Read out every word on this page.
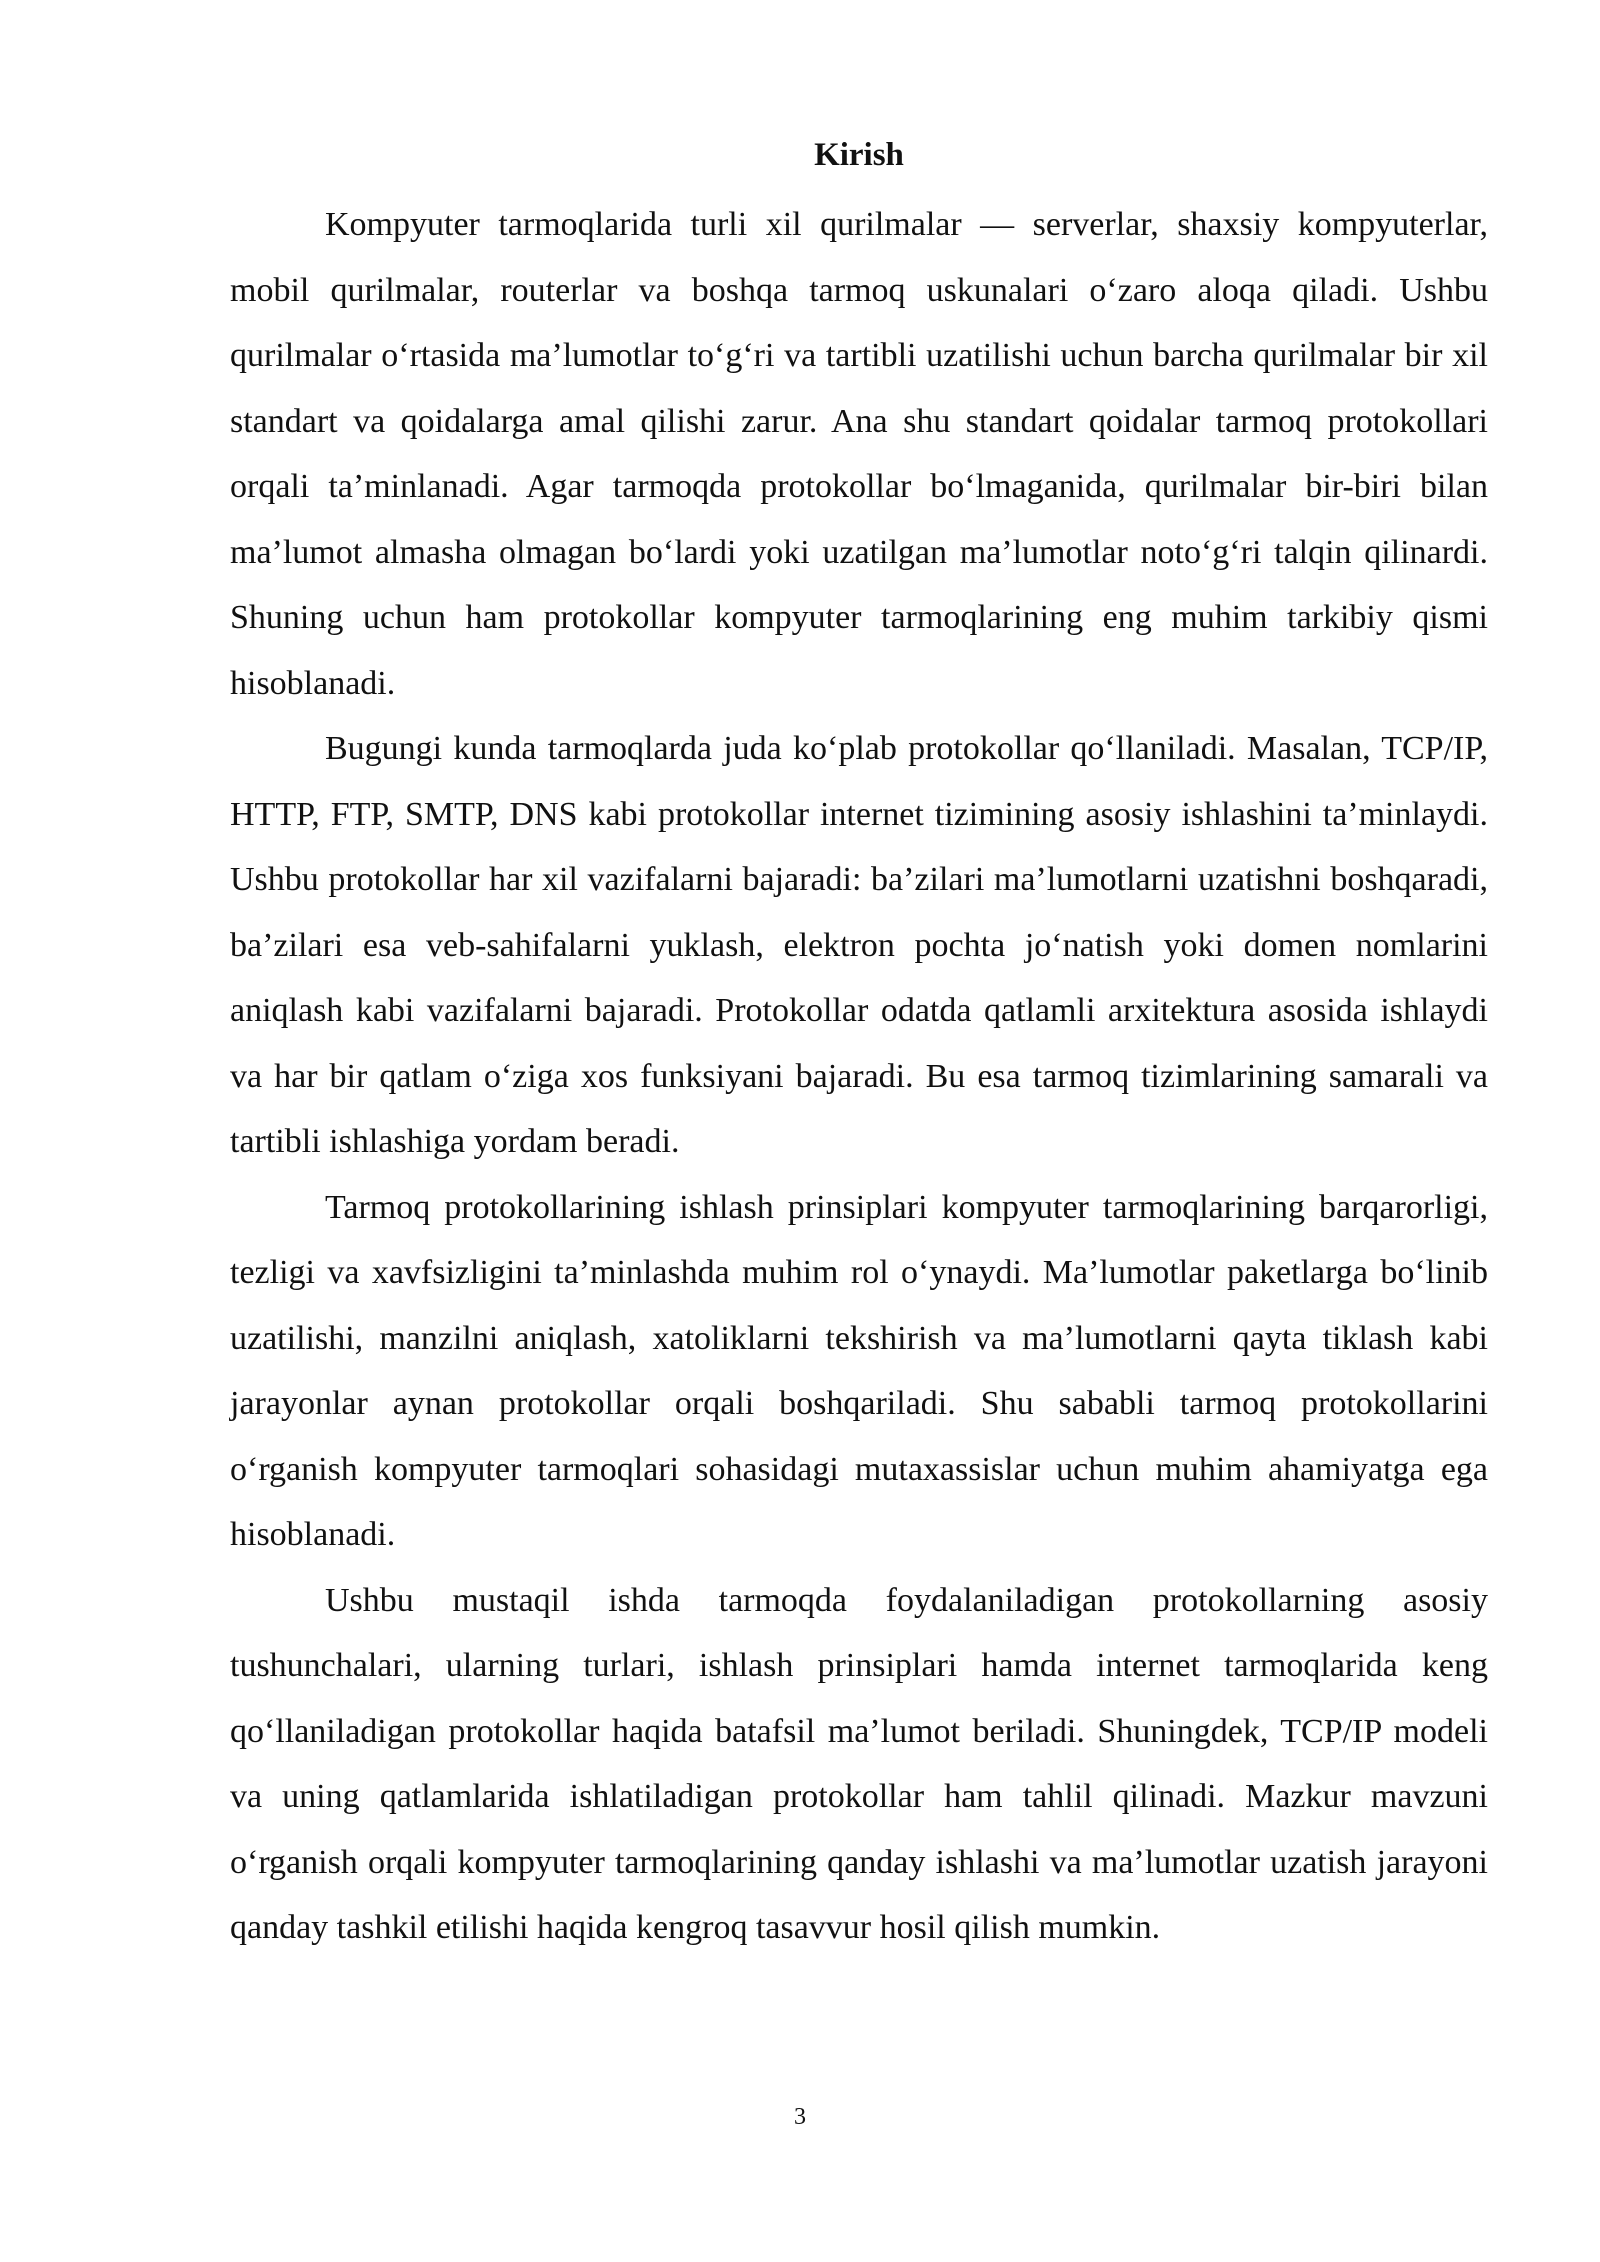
Kirish

Kompyuter tarmoqlarida turli xil qurilmalar — serverlar, shaxsiy kompyuterlar, mobil qurilmalar, routerlar va boshqa tarmoq uskunalari o‘zaro aloqa qiladi. Ushbu qurilmalar o‘rtasida ma’lumotlar to‘g‘ri va tartibli uzatilishi uchun barcha qurilmalar bir xil standart va qoidalarga amal qilishi zarur. Ana shu standart qoidalar tarmoq protokollari orqali ta’minlanadi. Agar tarmoqda protokollar bo‘lmaganida, qurilmalar bir-biri bilan ma’lumot almasha olmagan bo‘lardi yoki uzatilgan ma’lumotlar noto‘g‘ri talqin qilinardi. Shuning uchun ham protokollar kompyuter tarmoqlarining eng muhim tarkibiy qismi hisoblanadi.

Bugungi kunda tarmoqlarda juda ko‘plab protokollar qo‘llaniladi. Masalan, TCP/IP, HTTP, FTP, SMTP, DNS kabi protokollar internet tizimining asosiy ishlashini ta’minlaydi. Ushbu protokollar har xil vazifalarni bajaradi: ba’zilari ma’lumotlarni uzatishni boshqaradi, ba’zilari esa veb-sahifalarni yuklash, elektron pochta jo‘natish yoki domen nomlarini aniqlash kabi vazifalarni bajaradi. Protokollar odatda qatlamli arxitektura asosida ishlaydi va har bir qatlam o‘ziga xos funksiyani bajaradi. Bu esa tarmoq tizimlarining samarali va tartibli ishlashiga yordam beradi.

Tarmoq protokollarining ishlash prinsiplari kompyuter tarmoqlarining barqarorligi, tezligi va xavfsizligini ta’minlashda muhim rol o‘ynaydi. Ma’lumotlar paketlarga bo‘linib uzatilishi, manzilni aniqlash, xatoliklarni tekshirish va ma’lumotlarni qayta tiklash kabi jarayonlar aynan protokollar orqali boshqariladi. Shu sababli tarmoq protokollarini o‘rganish kompyuter tarmoqlari sohasidagi mutaxassislar uchun muhim ahamiyatga ega hisoblanadi.

Ushbu mustaqil ishda tarmoqda foydalaniladigan protokollarning asosiy tushunchalari, ularning turlari, ishlash prinsiplari hamda internet tarmoqlarida keng qo‘llaniladigan protokollar haqida batafsil ma’lumot beriladi. Shuningdek, TCP/IP modeli va uning qatlamlarida ishlatiladigan protokollar ham tahlil qilinadi. Mazkur mavzuni o‘rganish orqali kompyuter tarmoqlarining qanday ishlashi va ma’lumotlar uzatish jarayoni qanday tashkil etilishi haqida kengroq tasavvur hosil qilish mumkin.

3
